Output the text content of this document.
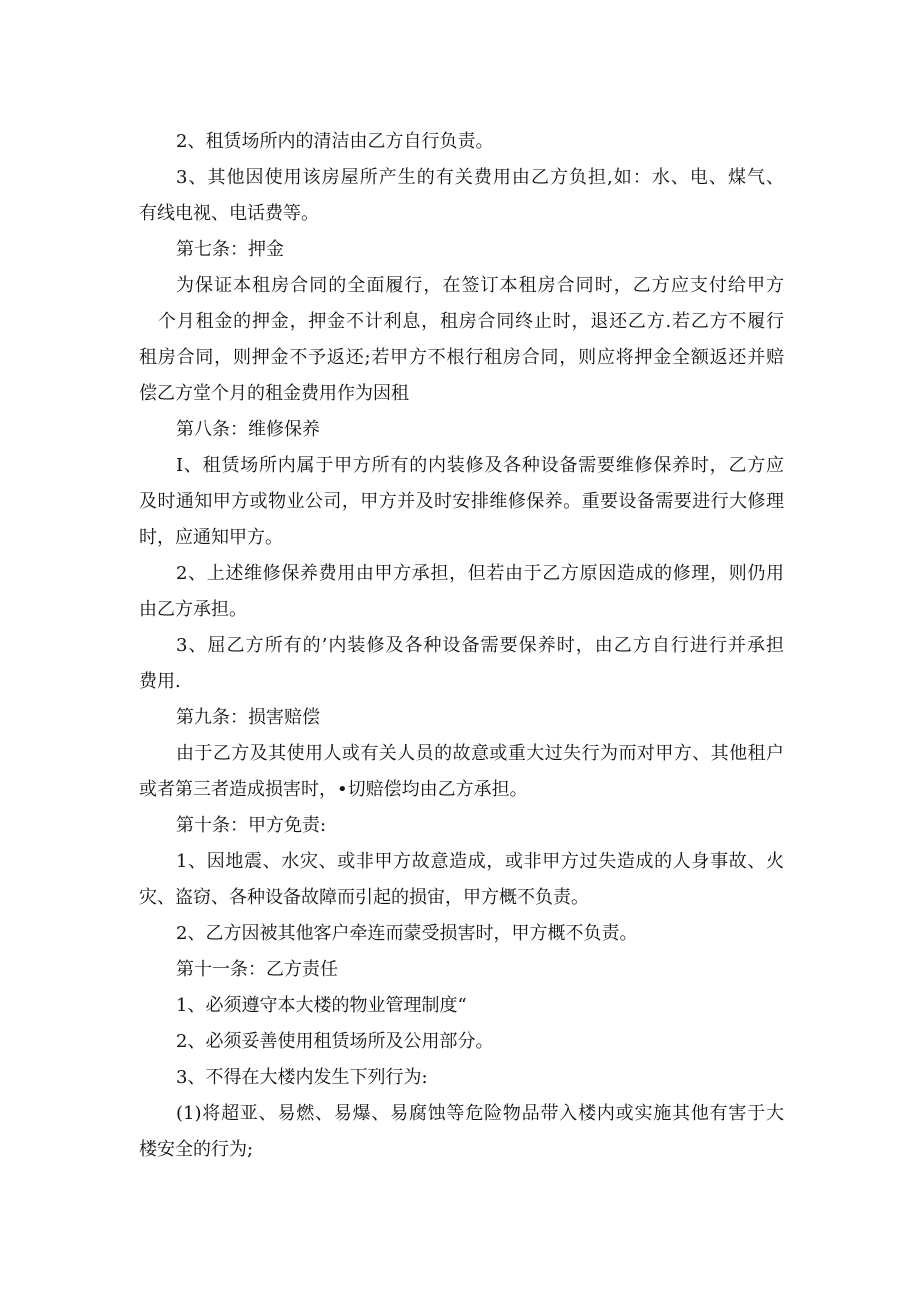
2、租赁场所内的清洁由乙方自行负责。
3、其他因使用该房屋所产生的有关费用由乙方负担,如：水、电、煤气、
有线电视、电话费等。
第七条：押金
为保证本租房合同的全面履行，在签订本租房合同时，乙方应支付给甲方
个月租金的押金，押金不计利息，租房合同终止时，退还乙方.若乙方不履行
租房合同，则押金不予返还;若甲方不根行租房合同，则应将押金全额返还并赔
偿乙方堂个月的租金费用作为因租
第八条：维修保养
I、租赁场所内属于甲方所有的内装修及各种设备需要维修保养时，乙方应
及时通知甲方或物业公司，甲方并及时安排维修保养。重要设备需要进行大修理
时，应通知甲方。
2、上述维修保养费用由甲方承担，但若由于乙方原因造成的修理，则仍用
由乙方承担。
3、屈乙方所有的’内装修及各种设备需要保养时，由乙方自行进行并承担
费用.
第九条：损害赔偿
由于乙方及其使用人或有关人员的故意或重大过失行为而对甲方、其他租户
或者第三者造成损害时，•切赔偿均由乙方承担。
第十条：甲方免责:
1、因地震、水灾、或非甲方故意造成，或非甲方过失造成的人身事故、火
灾、盗窃、各种设备故障而引起的损宙，甲方概不负责。
2、乙方因被其他客户牵连而蒙受损害时，甲方概不负责。
第十一条：乙方责任
1、必须遵守本大楼的物业管理制度“
2、必须妥善使用租赁场所及公用部分。
3、不得在大楼内发生下列行为:
(1)将超亚、易燃、易爆、易腐蚀等危险物品带入楼内或实施其他有害于大
楼安全的行为;
